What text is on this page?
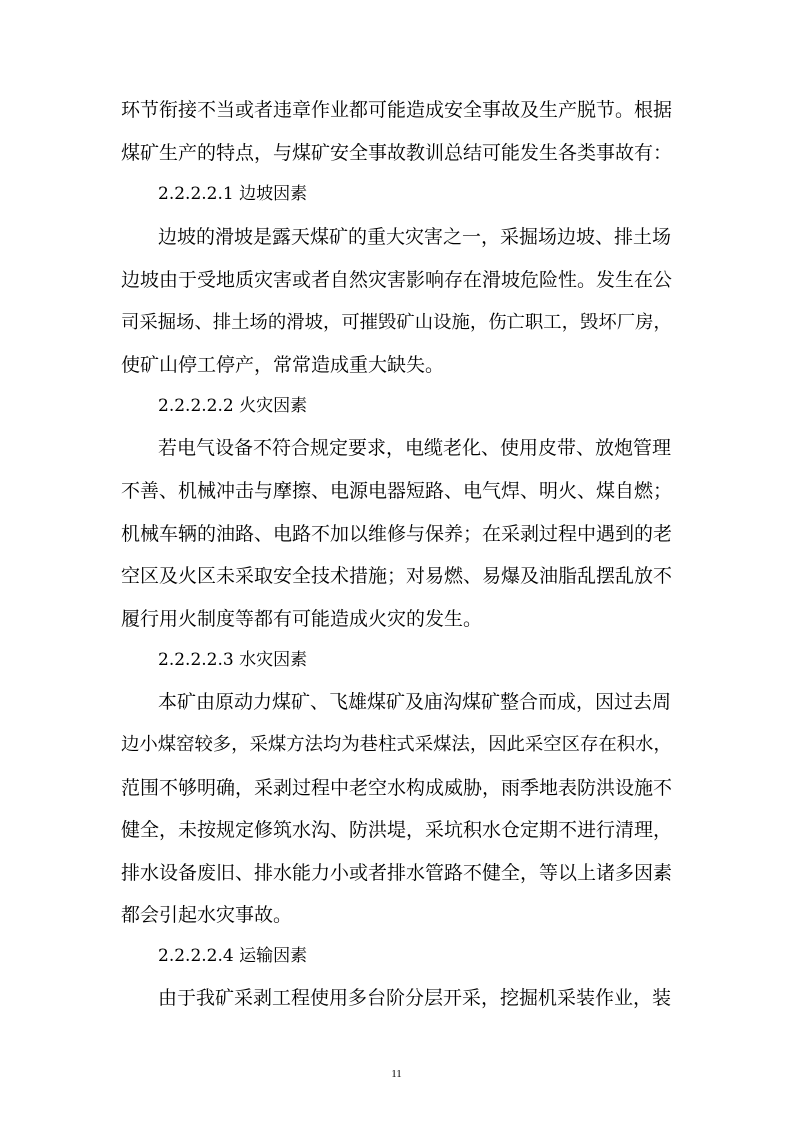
环节衔接不当或者违章作业都可能造成安全事故及生产脱节。根据
煤矿生产的特点，与煤矿安全事故教训总结可能发生各类事故有：
2.2.2.2.1 边坡因素
边坡的滑坡是露天煤矿的重大灾害之一，采掘场边坡、排土场
边坡由于受地质灾害或者自然灾害影响存在滑坡危险性。发生在公
司采掘场、排土场的滑坡，可摧毁矿山设施，伤亡职工，毁坏厂房，
使矿山停工停产，常常造成重大缺失。
2.2.2.2.2 火灾因素
若电气设备不符合规定要求，电缆老化、使用皮带、放炮管理
不善、机械冲击与摩擦、电源电器短路、电气焊、明火、煤自燃；
机械车辆的油路、电路不加以维修与保养；在采剥过程中遇到的老
空区及火区未采取安全技术措施；对易燃、易爆及油脂乱摆乱放不
履行用火制度等都有可能造成火灾的发生。
2.2.2.2.3 水灾因素
本矿由原动力煤矿、飞雄煤矿及庙沟煤矿整合而成，因过去周
边小煤窑较多，采煤方法均为巷柱式采煤法，因此采空区存在积水，
范围不够明确，采剥过程中老空水构成威胁，雨季地表防洪设施不
健全，未按规定修筑水沟、防洪堤，采坑积水仓定期不进行清理，
排水设备废旧、排水能力小或者排水管路不健全，等以上诸多因素
都会引起水灾事故。
2.2.2.2.4 运输因素
由于我矿采剥工程使用多台阶分层开采，挖掘机采装作业，装
11
